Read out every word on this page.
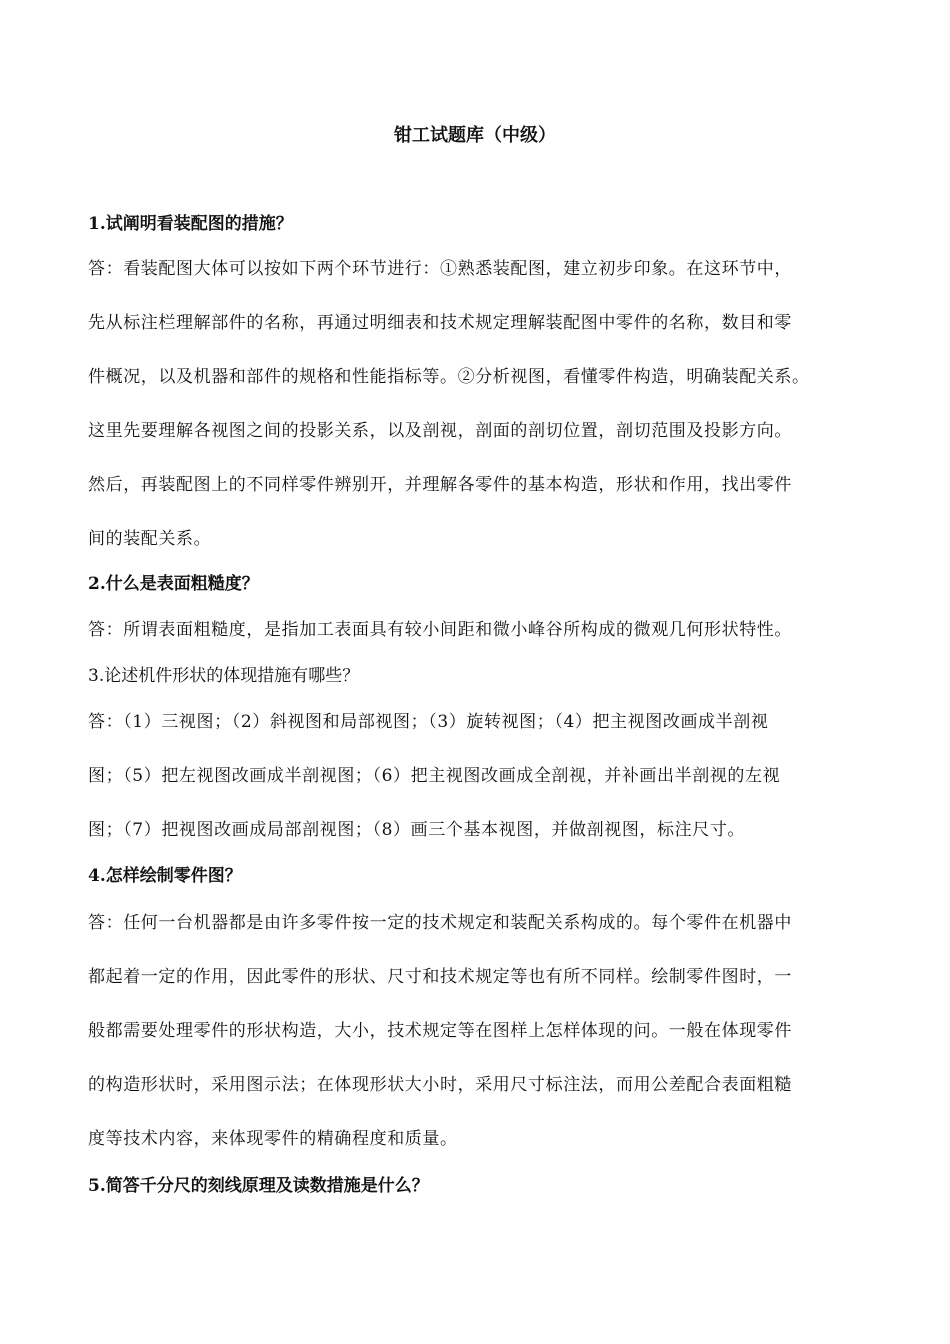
钳工试题库（中级）

1.试阐明看装配图的措施？

答：看装配图大体可以按如下两个环节进行：①熟悉装配图，建立初步印象。在这环节中，
先从标注栏理解部件的名称，再通过明细表和技术规定理解装配图中零件的名称，数目和零
件概况，以及机器和部件的规格和性能指标等。②分析视图，看懂零件构造，明确装配关系。
这里先要理解各视图之间的投影关系，以及剖视，剖面的剖切位置，剖切范围及投影方向。
然后，再装配图上的不同样零件辨别开，并理解各零件的基本构造，形状和作用，找出零件
间的装配关系。

2.什么是表面粗糙度？

答：所谓表面粗糙度，是指加工表面具有较小间距和微小峰谷所构成的微观几何形状特性。

3.论述机件形状的体现措施有哪些？

答：（1）三视图；（2）斜视图和局部视图；（3）旋转视图；（4）把主视图改画成半剖视
图；（5）把左视图改画成半剖视图；（6）把主视图改画成全剖视，并补画出半剖视的左视
图；（7）把视图改画成局部剖视图；（8）画三个基本视图，并做剖视图，标注尺寸。

4.怎样绘制零件图？

答：任何一台机器都是由许多零件按一定的技术规定和装配关系构成的。每个零件在机器中
都起着一定的作用，因此零件的形状、尺寸和技术规定等也有所不同样。绘制零件图时，一
般都需要处理零件的形状构造，大小，技术规定等在图样上怎样体现的问。一般在体现零件
的构造形状时，采用图示法；在体现形状大小时，采用尺寸标注法，而用公差配合表面粗糙
度等技术内容，来体现零件的精确程度和质量。

5.简答千分尺的刻线原理及读数措施是什么？
